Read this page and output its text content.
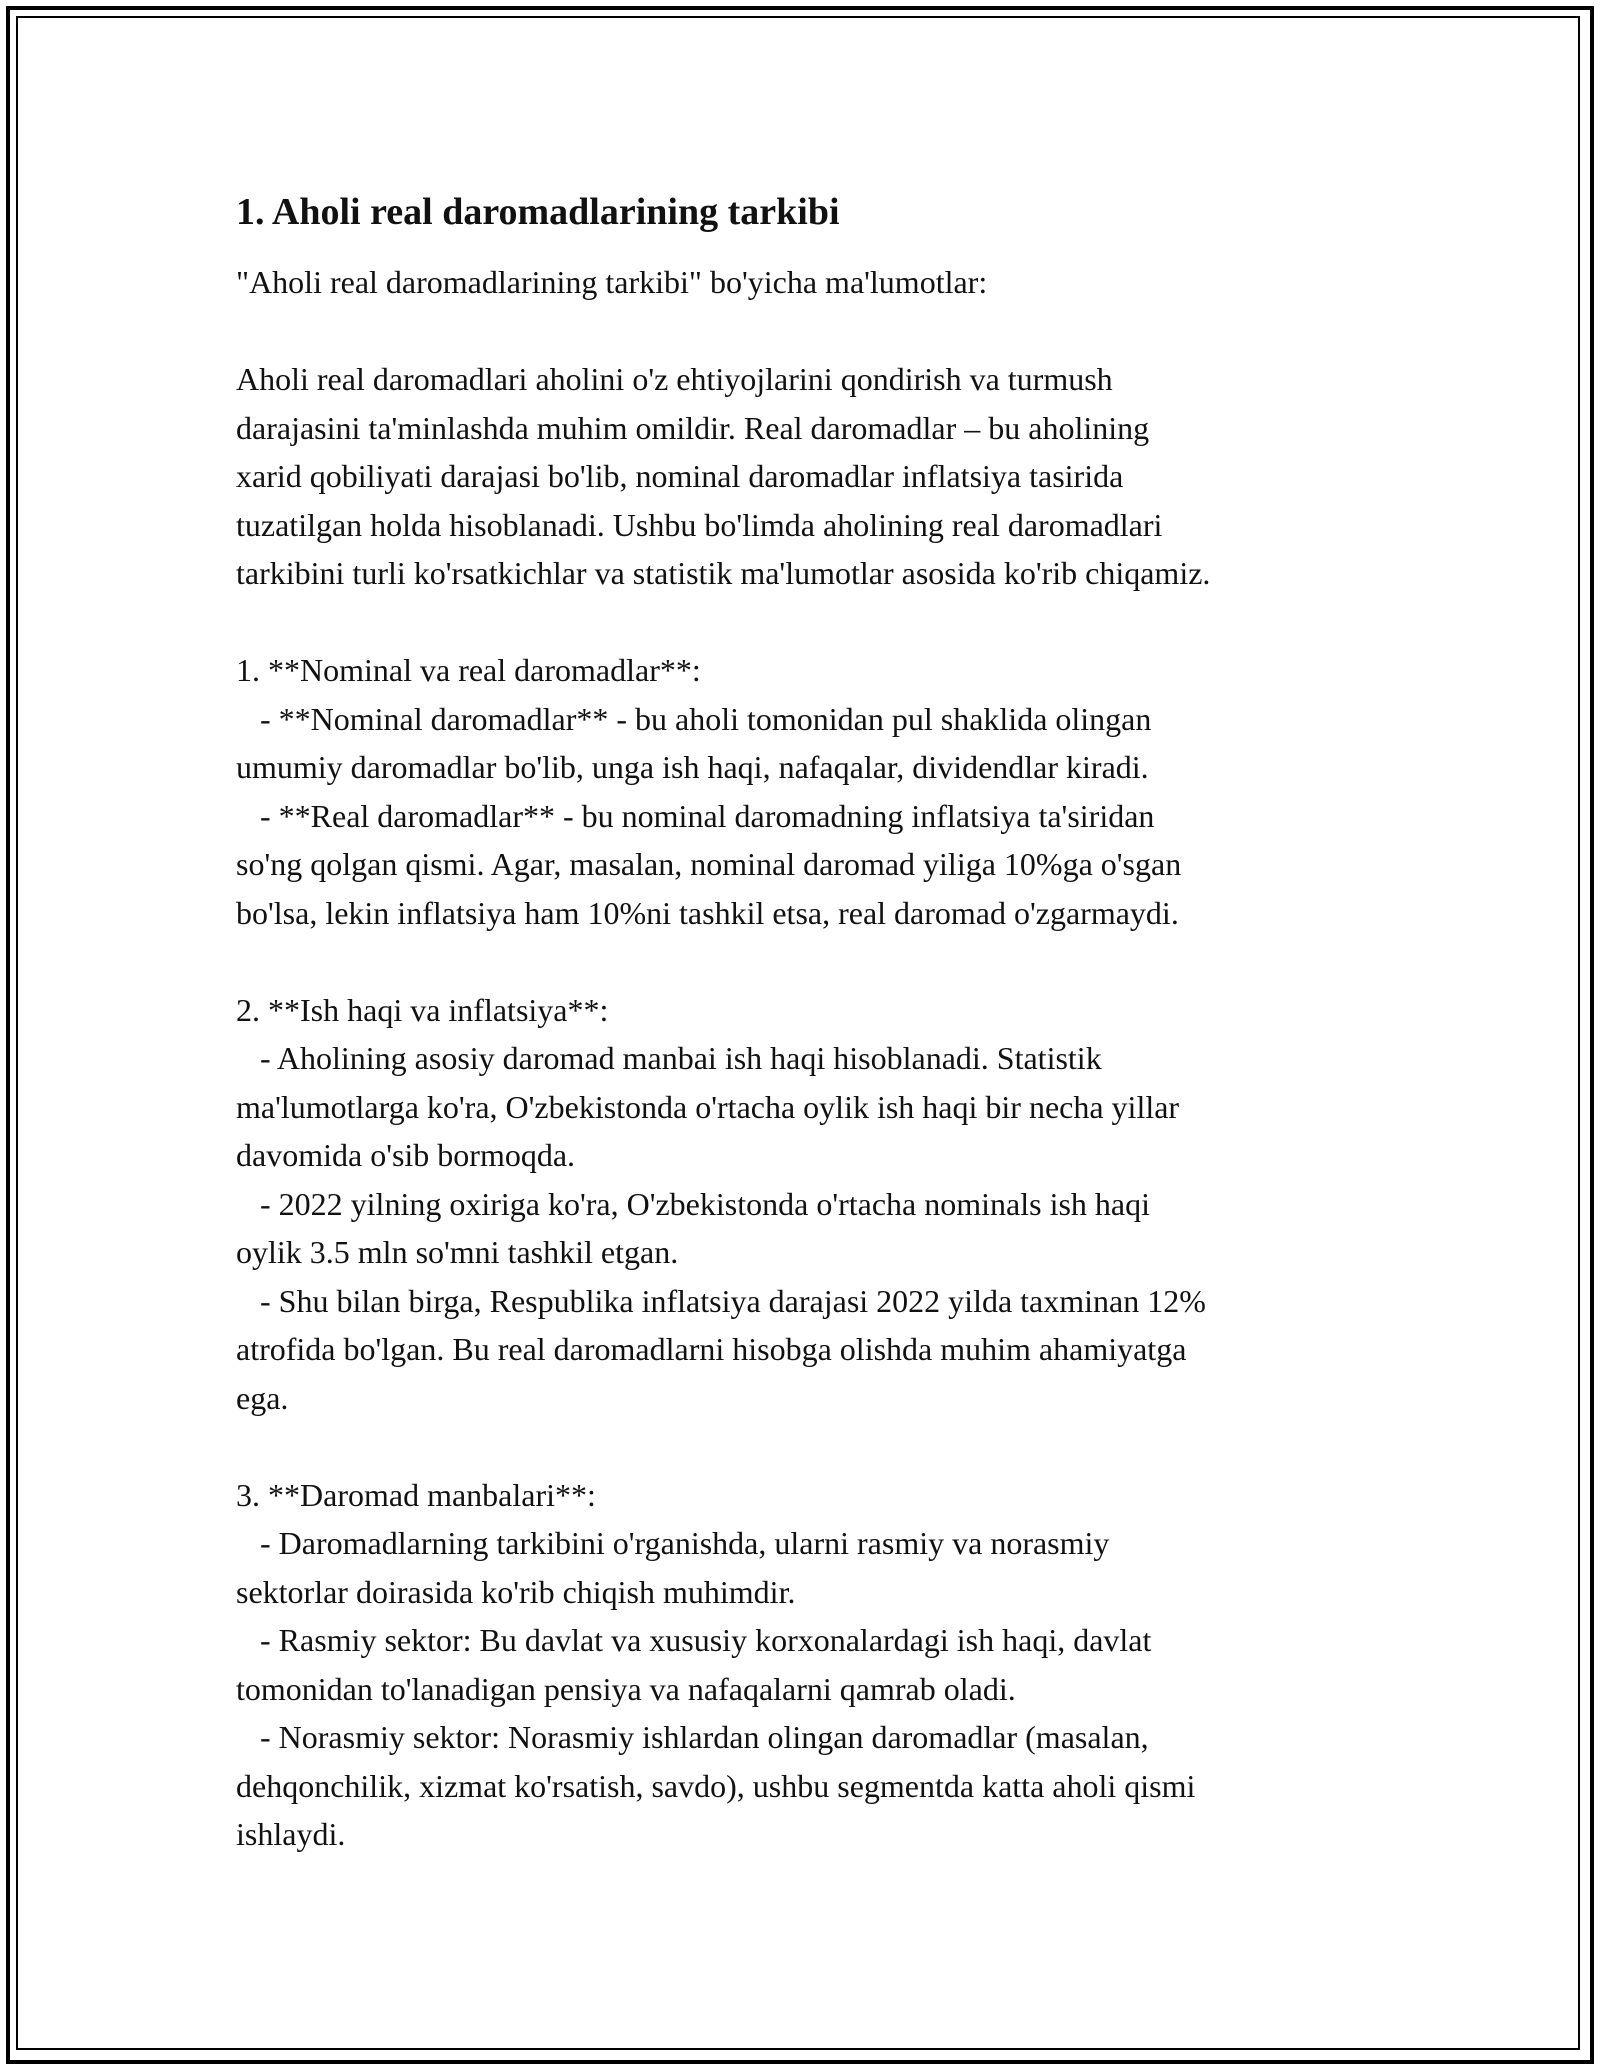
1. Aholi real daromadlarining tarkibi

"Aholi real daromadlarining tarkibi" bo'yicha ma'lumotlar:

Aholi real daromadlari aholini o'z ehtiyojlarini qondirish va turmush
darajasini ta'minlashda muhim omildir. Real daromadlar – bu aholining
xarid qobiliyati darajasi bo'lib, nominal daromadlar inflatsiya tasirida
tuzatilgan holda hisoblanadi. Ushbu bo'limda aholining real daromadlari
tarkibini turli ko'rsatkichlar va statistik ma'lumotlar asosida ko'rib chiqamiz.

1. **Nominal va real daromadlar**:

- **Nominal daromadlar** - bu aholi tomonidan pul shaklida olingan
umumiy daromadlar bo'lib, unga ish haqi, nafaqalar, dividendlar kiradi.

- **Real daromadlar** - bu nominal daromadning inflatsiya ta'siridan
so'ng qolgan qismi. Agar, masalan, nominal daromad yiliga 10%ga o'sgan
bo'lsa, lekin inflatsiya ham 10%ni tashkil etsa, real daromad o'zgarmaydi.

2. **Ish haqi va inflatsiya**:

- Aholining asosiy daromad manbai ish haqi hisoblanadi. Statistik
ma'lumotlarga ko'ra, O'zbekistonda o'rtacha oylik ish haqi bir necha yillar
davomida o'sib bormoqda.

- 2022 yilning oxiriga ko'ra, O'zbekistonda o'rtacha nominals ish haqi
oylik 3.5 mln so'mni tashkil etgan.

- Shu bilan birga, Respublika inflatsiya darajasi 2022 yilda taxminan 12%
atrofida bo'lgan. Bu real daromadlarni hisobga olishda muhim ahamiyatga
ega.

3. **Daromad manbalari**:

- Daromadlarning tarkibini o'rganishda, ularni rasmiy va norasmiy
sektorlar doirasida ko'rib chiqish muhimdir.

- Rasmiy sektor: Bu davlat va xususiy korxonalardagi ish haqi, davlat
tomonidan to'lanadigan pensiya va nafaqalarni qamrab oladi.

- Norasmiy sektor: Norasmiy ishlardan olingan daromadlar (masalan,
dehqonchilik, xizmat ko'rsatish, savdo), ushbu segmentda katta aholi qismi
ishlaydi.
